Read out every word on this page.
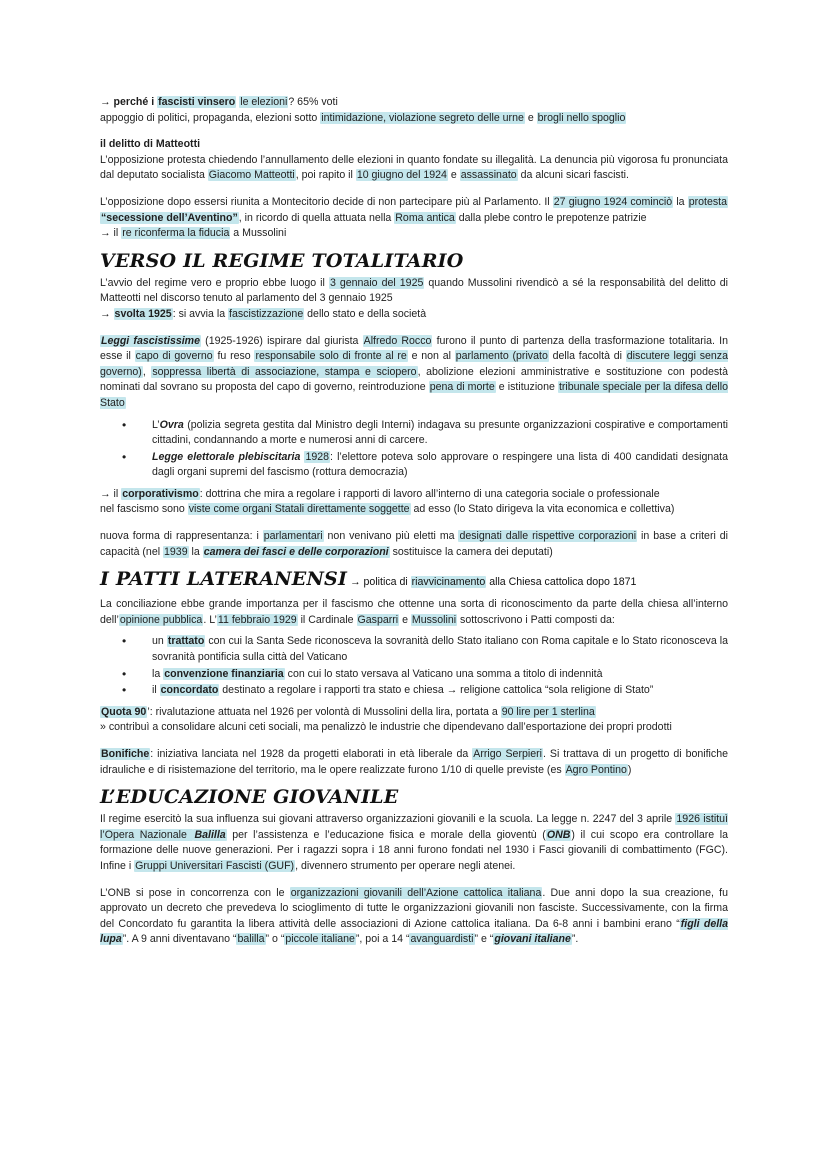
→ perché i fascisti vinsero le elezioni? 65% voti
appoggio di politici, propaganda, elezioni sotto intimidazione, violazione segreto delle urne e brogli nello spoglio
il delitto di Matteotti
L’opposizione protesta chiedendo l’annullamento delle elezioni in quanto fondate su illegalità. La denuncia più vigorosa fu pronunciata dal deputato socialista Giacomo Matteotti, poi rapito il 10 giugno del 1924 e assassinato da alcuni sicari fascisti.
L’opposizione dopo essersi riunita a Montecitorio decide di non partecipare più al Parlamento. Il 27 giugno 1924 cominciò la protesta “secessione dell’Aventino”, in ricordo di quella attuata nella Roma antica dalla plebe contro le prepotenze patrizie
→ il re riconferma la fiducia a Mussolini
VERSO IL REGIME TOTALITARIO
L’avvio del regime vero e proprio ebbe luogo il 3 gennaio del 1925 quando Mussolini rivendicò a sé la responsabilità del delitto di Matteotti nel discorso tenuto al parlamento del 3 gennaio 1925
→ svolta 1925: si avvia la fascistizzazione dello stato e della società
Leggi fascistissime (1925-1926) ispirare dal giurista Alfredo Rocco furono il punto di partenza della trasformazione totalitaria. In esse il capo di governo fu reso responsabile solo di fronte al re e non al parlamento (privato della facoltà di discutere leggi senza governo), soppressa libertà di associazione, stampa e sciopero, abolizione elezioni amministrative e sostituzione con podestà nominati dal sovrano su proposta del capo di governo, reintroduzione pena di morte e istituzione tribunale speciale per la difesa dello Stato
• L’Ovra (polizia segreta gestita dal Ministro degli Interni) indagava su presunte organizzazioni cospirative e comportamenti cittadini, condannando a morte e numerosi anni di carcere.
• Legge elettorale plebiscitaria 1928: l’elettore poteva solo approvare o respingere una lista di 400 candidati designata dagli organi supremi del fascismo (rottura democrazia)
→ il corporativismo: dottrina che mira a regolare i rapporti di lavoro all’interno di una categoria sociale o professionale
nel fascismo sono viste come organi Statali direttamente soggette ad esso (lo Stato dirigeva la vita economica e collettiva)
nuova forma di rappresentanza: i parlamentari non venivano più eletti ma designati dalle rispettive corporazioni in base a criteri di capacità (nel 1939 la camera dei fasci e delle corporazioni sostituisce la camera dei deputati)
I PATTI LATERANENSI → politica di riavvicinamento alla Chiesa cattolica dopo 1871
La conciliazione ebbe grande importanza per il fascismo che ottenne una sorta di riconoscimento da parte della chiesa all’interno dell’opinione pubblica. L’11 febbraio 1929 il Cardinale Gasparri e Mussolini sottoscrivono i Patti composti da:
• un trattato con cui la Santa Sede riconosceva la sovranità dello Stato italiano con Roma capitale e lo Stato riconosceva la sovranità pontificia sulla città del Vaticano
• la convenzione finanziaria con cui lo stato versava al Vaticano una somma a titolo di indennità
• il concordato destinato a regolare i rapporti tra stato e chiesa → religione cattolica “sola religione di Stato”
Quota 90’: rivalutazione attuata nel 1926 per volontà di Mussolini della lira, portata a 90 lire per 1 sterlina
» contribuì a consolidare alcuni ceti sociali, ma penalizzò le industrie che dipendevano dall’esportazione dei propri prodotti
Bonifiche: iniziativa lanciata nel 1928 da progetti elaborati in età liberale da Arrigo Serpieri. Si trattava di un progetto di bonifiche idrauliche e di risistemazione del territorio, ma le opere realizzate furono 1/10 di quelle previste (es Agro Pontino)
L’EDUCAZIONE GIOVANILE
Il regime esercitò la sua influenza sui giovani attraverso organizzazioni giovanili e la scuola. La legge n. 2247 del 3 aprile 1926 istituì l’Opera Nazionale Balilla per l’assistenza e l’educazione fisica e morale della gioventù (ONB) il cui scopo era controllare la formazione delle nuove generazioni. Per i ragazzi sopra i 18 anni furono fondati nel 1930 i Fasci giovanili di combattimento (FGC). Infine i Gruppi Universitari Fascisti (GUF), divennero strumento per operare negli atenei.
L’ONB si pose in concorrenza con le organizzazioni giovanili dell’Azione cattolica italiana. Due anni dopo la sua creazione, fu approvato un decreto che prevedeva lo scioglimento di tutte le organizzazioni giovanili non fasciste. Successivamente, con la firma del Concordato fu garantita la libera attività delle associazioni di Azione cattolica italiana. Da 6-8 anni i bambini erano “figli della lupa”. A 9 anni diventavano “balilla” o “piccole italiane”, poi a 14 “avanguardisti” e “giovani italiane”.
